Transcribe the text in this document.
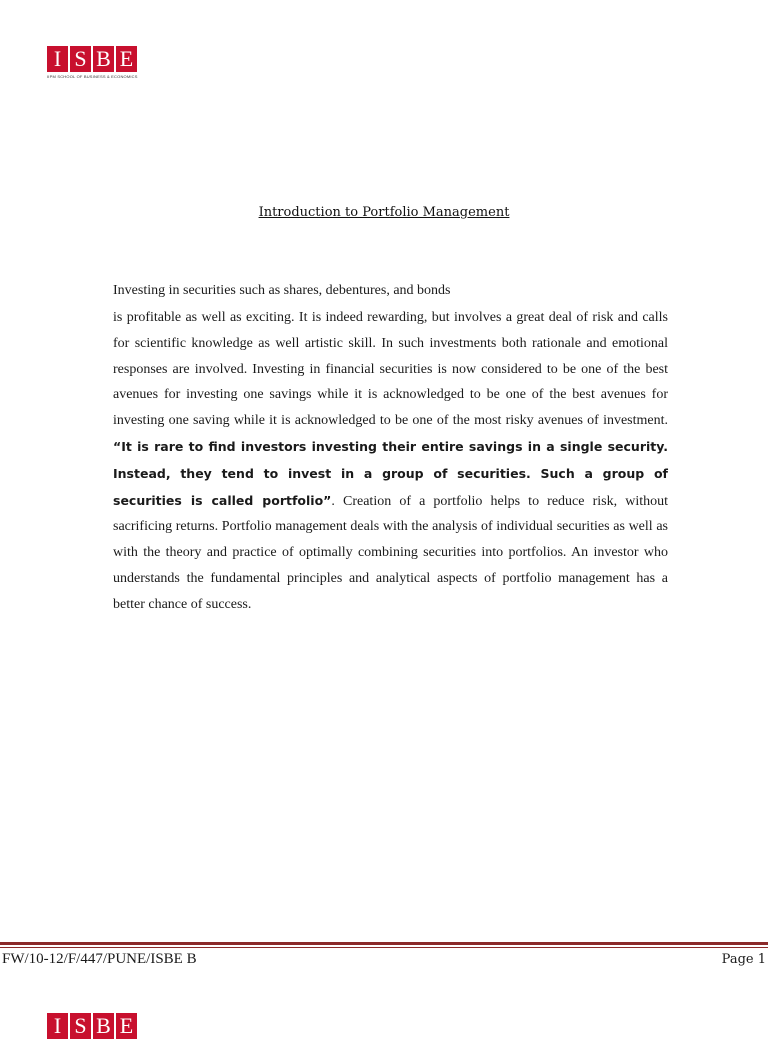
I S B E
IIPM SCHOOL OF BUSINESS & ECONOMICS
Introduction to Portfolio Management

Investing in securities such as shares, debentures, and bonds

is profitable as well as exciting. It is indeed rewarding, but involves a great deal of risk and calls for scientific knowledge as well artistic skill. In such investments both rationale and emotional responses are involved. Investing in financial securities is now considered to be one of the best avenues for investing one savings while it is acknowledged to be one of the best avenues for investing one saving while it is acknowledged to be one of the most risky avenues of investment. “It is rare to find investors investing their entire savings in a single security. Instead, they tend to invest in a group of securities. Such a group of securities is called portfolio”. Creation of a portfolio helps to reduce risk, without sacrificing returns. Portfolio management deals with the analysis of individual securities as well as with the theory and practice of optimally combining securities into portfolios. An investor who understands the fundamental principles and analytical aspects of portfolio management has a better chance of success.

FW/10-12/F/447/PUNE/ISBE B	Page 1
I S B E
